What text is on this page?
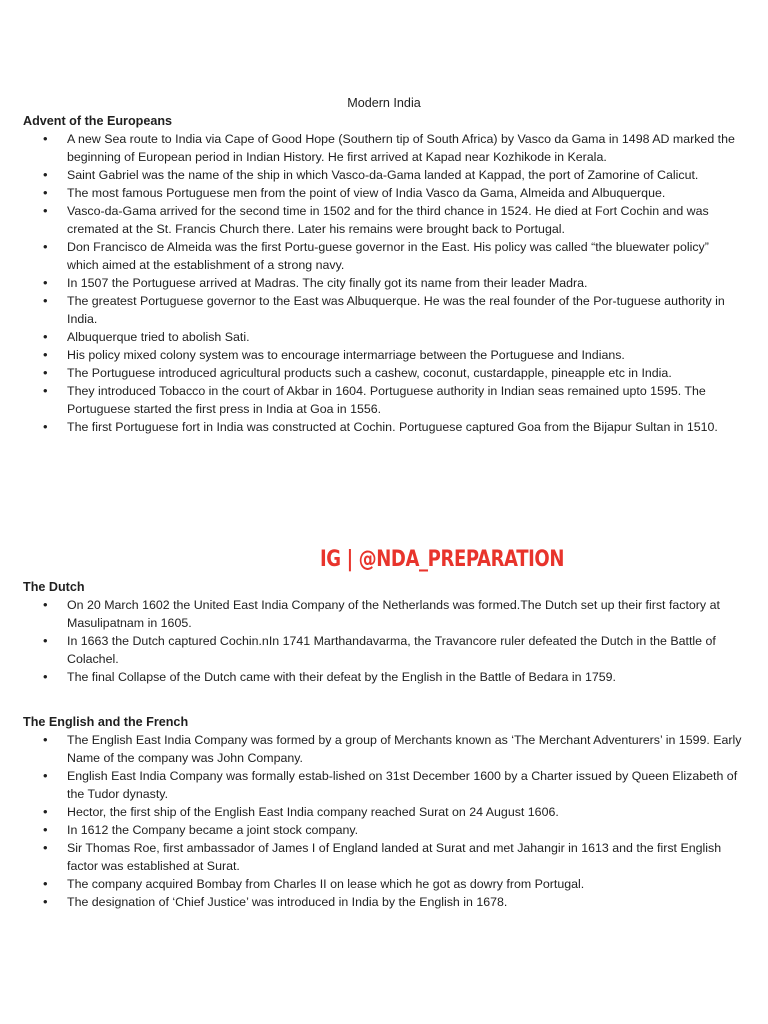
Modern India
Advent of the Europeans
• A new Sea route to India via Cape of Good Hope (Southern tip of South Africa) by Vasco da Gama in 1498 AD marked the beginning of European period in Indian History. He first arrived at Kapad near Kozhikode in Kerala.
• Saint Gabriel was the name of the ship in which Vasco-da-Gama landed at Kappad, the port of Zamorine of Calicut.
• The most famous Portuguese men from the point of view of India Vasco da Gama, Almeida and Albuquerque.
• Vasco-da-Gama arrived for the second time in 1502 and for the third chance in 1524. He died at Fort Cochin and was cremated at the St. Francis Church there. Later his remains were brought back to Portugal.
• Don Francisco de Almeida was the first Portu-guese governor in the East. His policy was called “the bluewater policy” which aimed at the establishment of a strong navy.
• In 1507 the Portuguese arrived at Madras. The city finally got its name from their leader Madra.
• The greatest Portuguese governor to the East was Albuquerque. He was the real founder of the Por-tuguese authority in India.
• Albuquerque tried to abolish Sati.
• His policy mixed colony system was to encourage intermarriage between the Portuguese and Indians.
• The Portuguese introduced agricultural products such a cashew, coconut, custardapple, pineapple etc in India.
• They introduced Tobacco in the court of Akbar in 1604. Portuguese authority in Indian seas remained upto 1595. The Portuguese started the first press in India at Goa in 1556.
• The first Portuguese fort in India was constructed at Cochin. Portuguese captured Goa from the Bijapur Sultan in 1510.
IG | @NDA_PREPARATION
The Dutch
• On 20 March 1602 the United East India Company of the Netherlands was formed.The Dutch set up their first factory at Masulipatnam in 1605.
• In 1663 the Dutch captured Cochin.nIn 1741 Marthandavarma, the Travancore ruler defeated the Dutch in the Battle of Colachel.
• The final Collapse of the Dutch came with their defeat by the English in the Battle of Bedara in 1759.
The English and the French
• The English East India Company was formed by a group of Merchants known as ‘The Merchant Adventurers’ in 1599. Early Name of the company was John Company.
• English East India Company was formally estab-lished on 31st December 1600 by a Charter issued by Queen Elizabeth of the Tudor dynasty.
• Hector, the first ship of the English East India company reached Surat on 24 August 1606.
• In 1612 the Company became a joint stock company.
• Sir Thomas Roe, first ambassador of James I of England landed at Surat and met Jahangir in 1613 and the first English factor was established at Surat.
• The company acquired Bombay from Charles II on lease which he got as dowry from Portugal.
• The designation of ‘Chief Justice’ was introduced in India by the English in 1678.
